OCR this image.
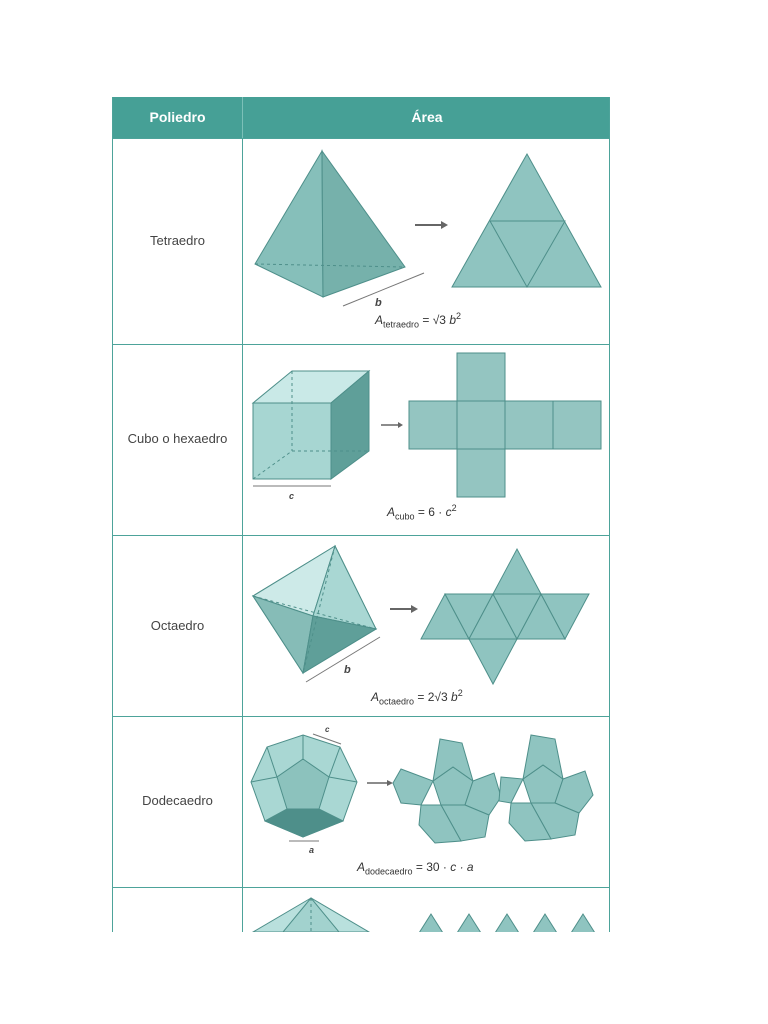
Poliedro	Área
Tetraedro
b
$A_{tetraedro} = √3$ $b^2$
Cubo o hexaedro
c
$A_{cubo} = 6 \cdot c^2$
Octaedro
b
$A_{octaedro} = 2√3$ $b^2$
Dodecaedro
c
a
$A_{dodecaedro} = 30 \cdot c \cdot a$
